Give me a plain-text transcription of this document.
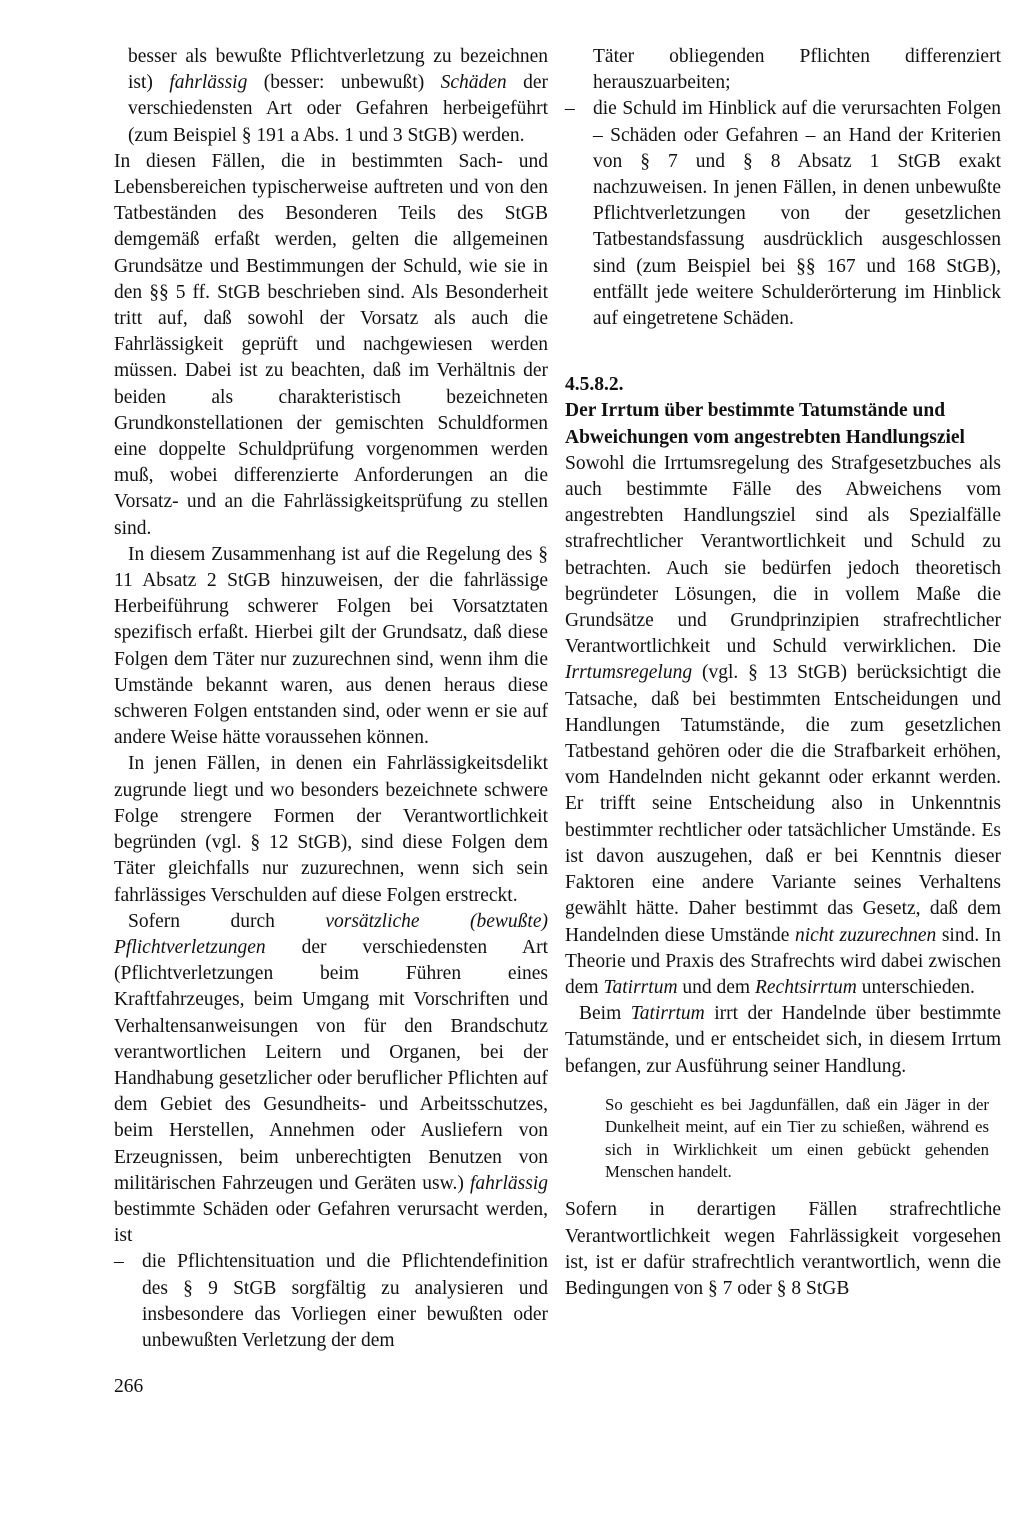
besser als bewußte Pflichtverletzung zu bezeichnen ist) fahrlässig (besser: unbewußt) Schäden der verschiedensten Art oder Gefahren herbeigeführt (zum Beispiel § 191 a Abs. 1 und 3 StGB) werden.

In diesen Fällen, die in bestimmten Sach- und Lebensbereichen typischerweise auftreten und von den Tatbeständen des Besonderen Teils des StGB demgemäß erfaßt werden, gelten die allgemeinen Grundsätze und Bestimmungen der Schuld, wie sie in den §§ 5 ff. StGB beschrieben sind. Als Besonderheit tritt auf, daß sowohl der Vorsatz als auch die Fahrlässigkeit geprüft und nachgewiesen werden müssen. Dabei ist zu beachten, daß im Verhältnis der beiden als charakteristisch bezeichneten Grundkonstellationen der gemischten Schuldformen eine doppelte Schuldprüfung vorgenommen werden muß, wobei differenzierte Anforderungen an die Vorsatz- und an die Fahrlässigkeitsprüfung zu stellen sind.

In diesem Zusammenhang ist auf die Regelung des § 11 Absatz 2 StGB hinzuweisen, der die fahrlässige Herbeiführung schwerer Folgen bei Vorsatztaten spezifisch erfaßt. Hierbei gilt der Grundsatz, daß diese Folgen dem Täter nur zuzurechnen sind, wenn ihm die Umstände bekannt waren, aus denen heraus diese schweren Folgen entstanden sind, oder wenn er sie auf andere Weise hätte voraussehen können.

In jenen Fällen, in denen ein Fahrlässigkeitsdelikt zugrunde liegt und wo besonders bezeichnete schwere Folge strengere Formen der Verantwortlichkeit begründen (vgl. § 12 StGB), sind diese Folgen dem Täter gleichfalls nur zuzurechnen, wenn sich sein fahrlässiges Verschulden auf diese Folgen erstreckt.

Sofern durch vorsätzliche (bewußte) Pflichtverletzungen der verschiedensten Art (Pflichtverletzungen beim Führen eines Kraftfahrzeuges, beim Umgang mit Vorschriften und Verhaltensanweisungen von für den Brandschutz verantwortlichen Leitern und Organen, bei der Handhabung gesetzlicher oder beruflicher Pflichten auf dem Gebiet des Gesundheits- und Arbeitsschutzes, beim Herstellen, Annehmen oder Ausliefern von Erzeugnissen, beim unberechtigten Benutzen von militärischen Fahrzeugen und Geräten usw.) fahrlässig bestimmte Schäden oder Gefahren verursacht werden, ist

– die Pflichtensituation und die Pflichtendefinition des § 9 StGB sorgfältig zu analysieren und insbesondere das Vorliegen einer bewußten oder unbewußten Verletzung der dem

Täter obliegenden Pflichten differenziert herauszuarbeiten;

– die Schuld im Hinblick auf die verursachten Folgen – Schäden oder Gefahren – an Hand der Kriterien von § 7 und § 8 Absatz 1 StGB exakt nachzuweisen. In jenen Fällen, in denen unbewußte Pflichtverletzungen von der gesetzlichen Tatbestandsfassung ausdrücklich ausgeschlossen sind (zum Beispiel bei §§ 167 und 168 StGB), entfällt jede weitere Schulderörterung im Hinblick auf eingetretene Schäden.

4.5.8.2.

Der Irrtum über bestimmte Tatumstände und Abweichungen vom angestrebten Handlungsziel

Sowohl die Irrtumsregelung des Strafgesetzbuches als auch bestimmte Fälle des Abweichens vom angestrebten Handlungsziel sind als Spezialfälle strafrechtlicher Verantwortlichkeit und Schuld zu betrachten. Auch sie bedürfen jedoch theoretisch begründeter Lösungen, die in vollem Maße die Grundsätze und Grundprinzipien strafrechtlicher Verantwortlichkeit und Schuld verwirklichen. Die Irrtumsregelung (vgl. § 13 StGB) berücksichtigt die Tatsache, daß bei bestimmten Entscheidungen und Handlungen Tatumstände, die zum gesetzlichen Tatbestand gehören oder die die Strafbarkeit erhöhen, vom Handelnden nicht gekannt oder erkannt werden. Er trifft seine Entscheidung also in Unkenntnis bestimmter rechtlicher oder tatsächlicher Umstände. Es ist davon auszugehen, daß er bei Kenntnis dieser Faktoren eine andere Variante seines Verhaltens gewählt hätte. Daher bestimmt das Gesetz, daß dem Handelnden diese Umstände nicht zuzurechnen sind. In Theorie und Praxis des Strafrechts wird dabei zwischen dem Tatirrtum und dem Rechtsirrtum unterschieden.

Beim Tatirrtum irrt der Handelnde über bestimmte Tatumstände, und er entscheidet sich, in diesem Irrtum befangen, zur Ausführung seiner Handlung.

So geschieht es bei Jagdunfällen, daß ein Jäger in der Dunkelheit meint, auf ein Tier zu schießen, während es sich in Wirklichkeit um einen gebückt gehenden Menschen handelt.

Sofern in derartigen Fällen strafrechtliche Verantwortlichkeit wegen Fahrlässigkeit vorgesehen ist, ist er dafür strafrechtlich verantwortlich, wenn die Bedingungen von § 7 oder § 8 StGB

266
